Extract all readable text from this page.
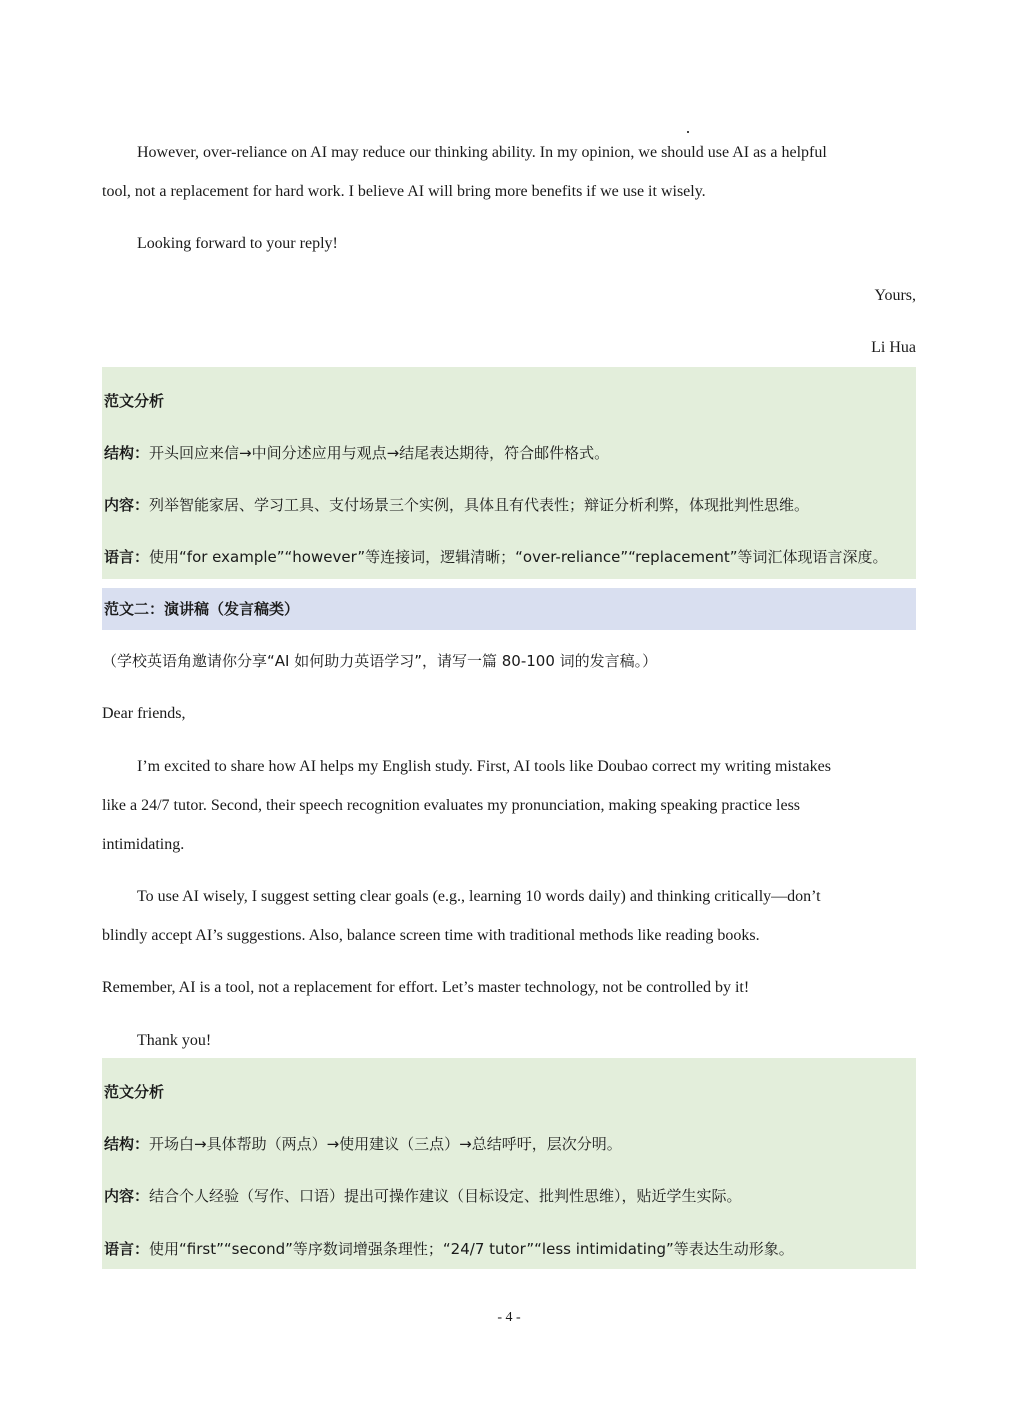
However, over-reliance on AI may reduce our thinking ability. In my opinion, we should use AI as a helpful
tool, not a replacement for hard work. I believe AI will bring more benefits if we use it wisely.
Looking forward to your reply!
Yours,
Li Hua
范文分析
结构：开头回应来信→中间分述应用与观点→结尾表达期待，符合邮件格式。
内容：列举智能家居、学习工具、支付场景三个实例，具体且有代表性；辩证分析利弊，体现批判性思维。
语言：使用“for example”“however”等连接词，逻辑清晰；“over-reliance”“replacement”等词汇体现语言深度。
范文二：演讲稿（发言稿类）
（学校英语角邀请你分享“AI 如何助力英语学习”，请写一篇 80-100 词的发言稿。）
Dear friends,
I’m excited to share how AI helps my English study. First, AI tools like Doubao correct my writing mistakes
like a 24/7 tutor. Second, their speech recognition evaluates my pronunciation, making speaking practice less
intimidating.
To use AI wisely, I suggest setting clear goals (e.g., learning 10 words daily) and thinking critically—don’t
blindly accept AI’s suggestions. Also, balance screen time with traditional methods like reading books.
Remember, AI is a tool, not a replacement for effort. Let’s master technology, not be controlled by it!
Thank you!
范文分析
结构：开场白→具体帮助（两点）→使用建议（三点）→总结呼吁，层次分明。
内容：结合个人经验（写作、口语）提出可操作建议（目标设定、批判性思维），贴近学生实际。
语言：使用“first”“second”等序数词增强条理性；“24/7 tutor”“less intimidating”等表达生动形象。
- 4 -
